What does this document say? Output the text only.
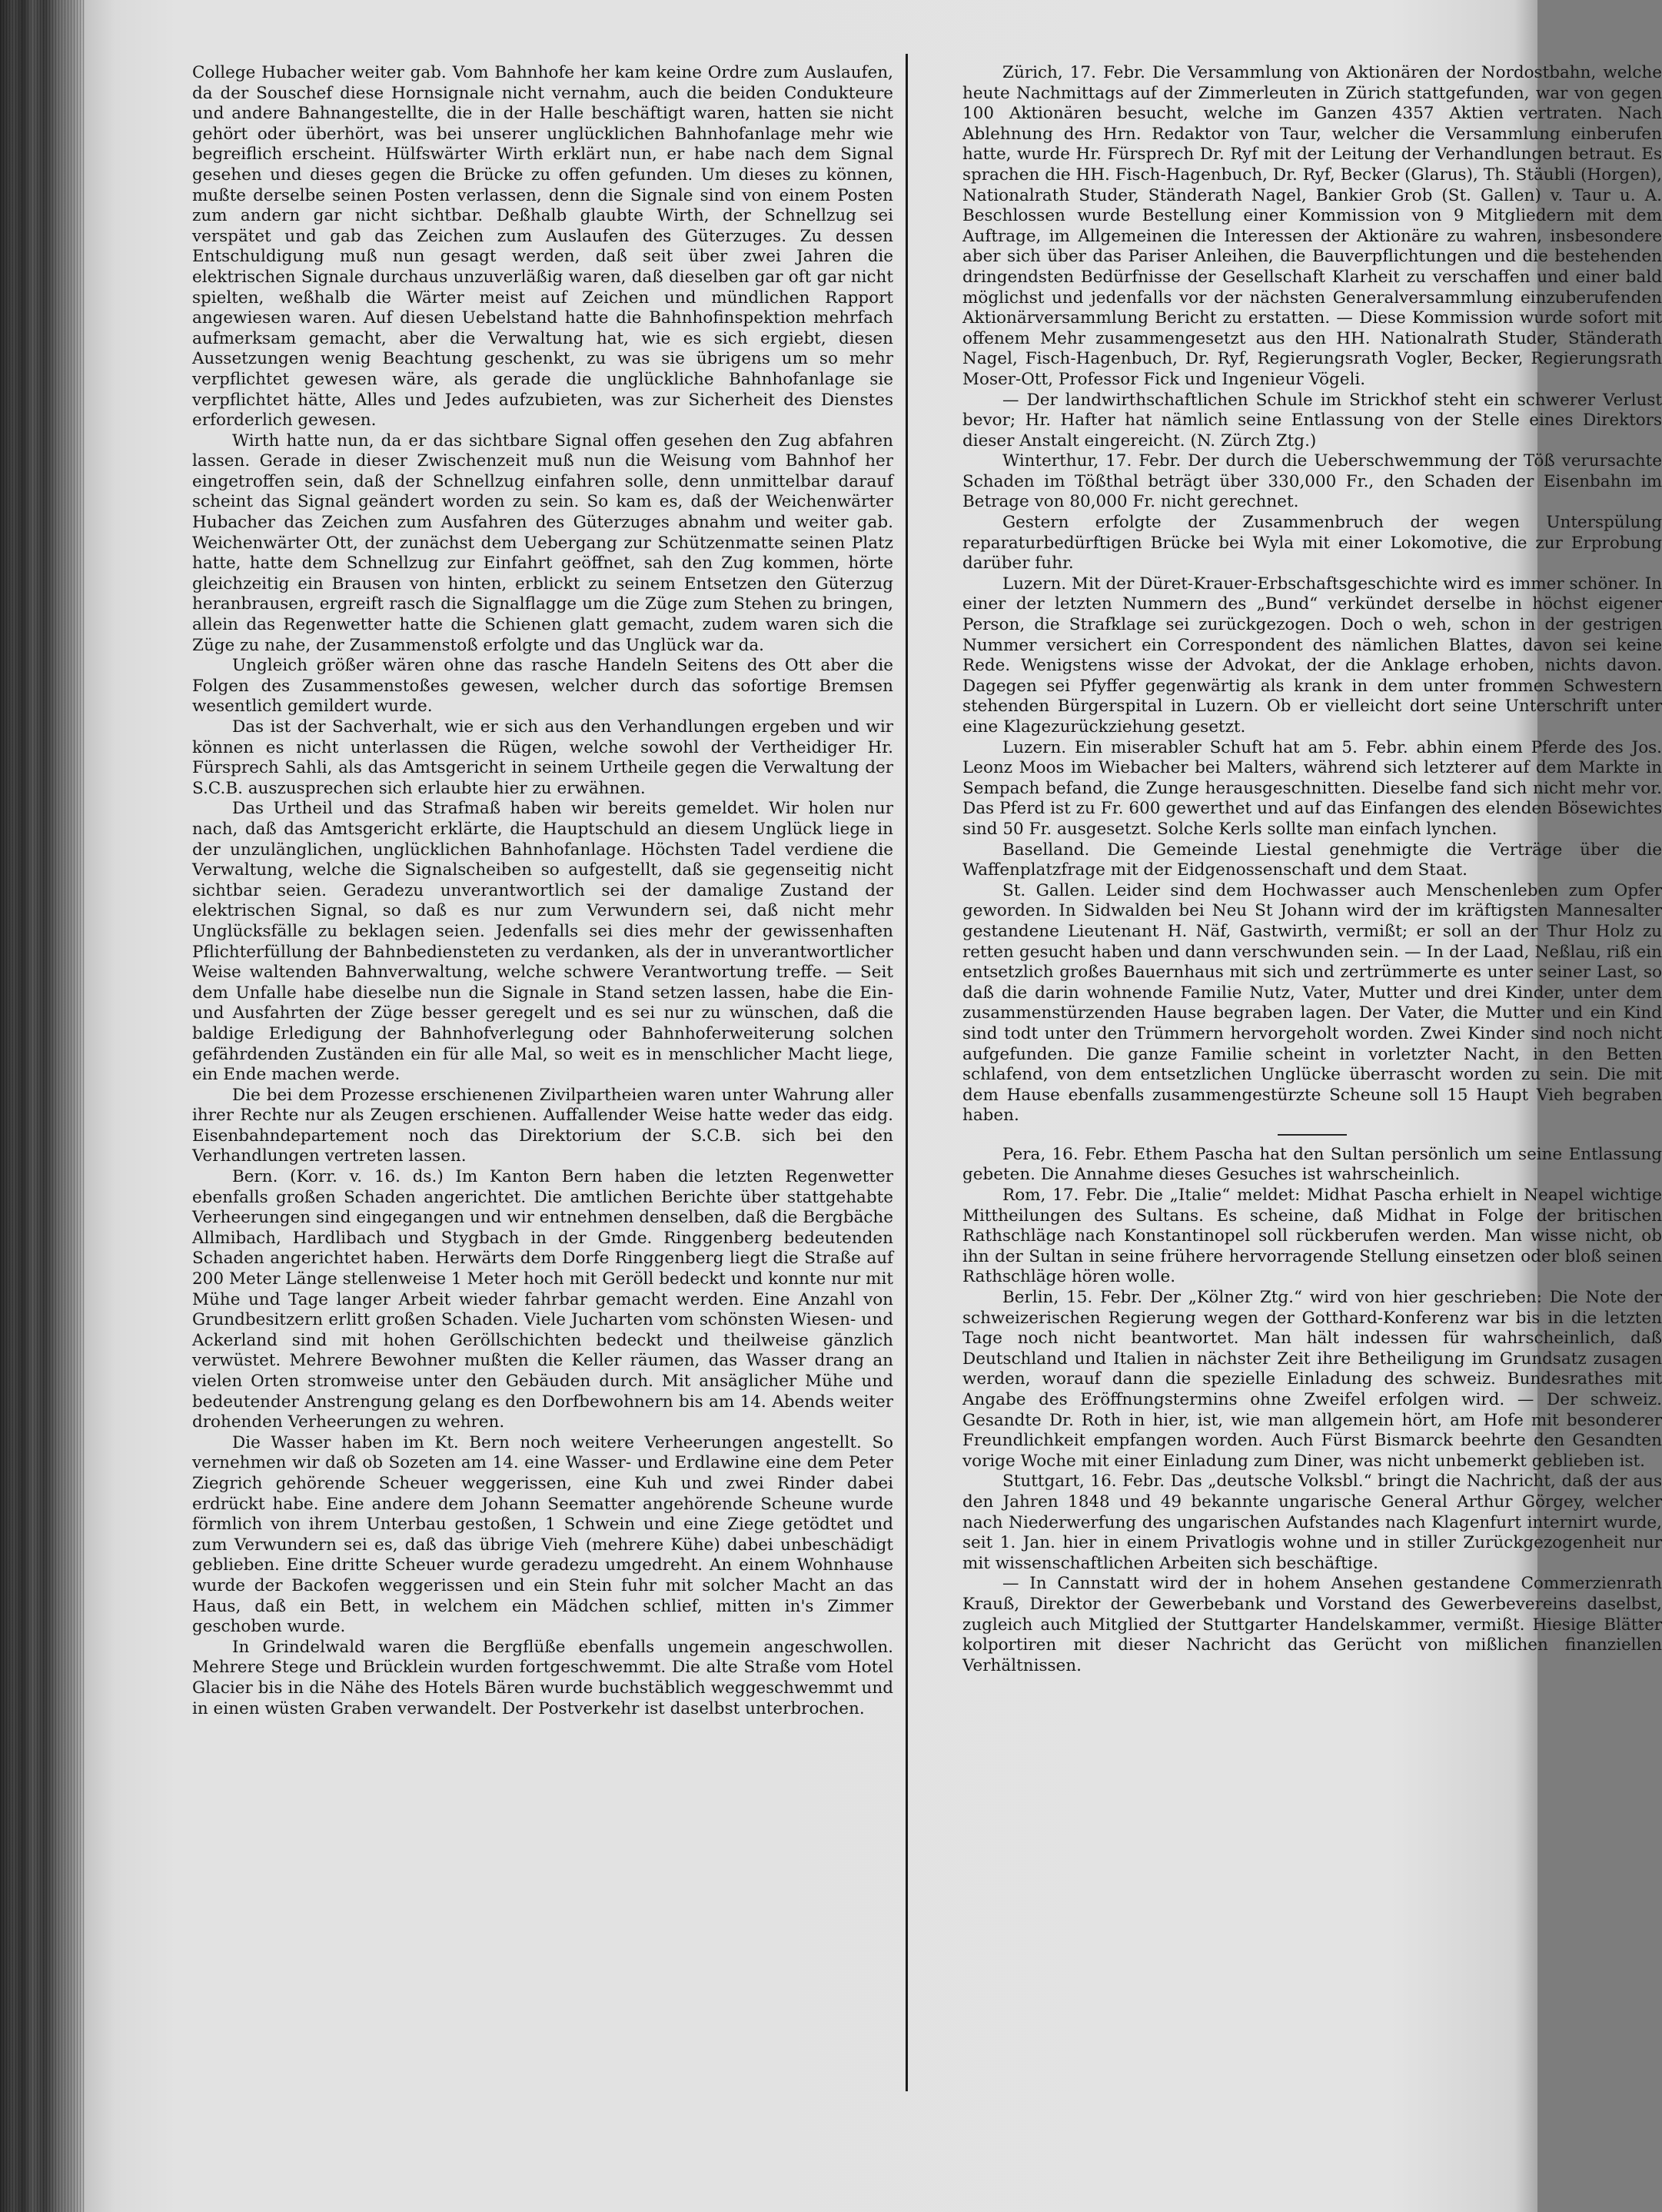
College Hubacher weiter gab. Vom Bahnhofe her kam keine Ordre zum Auslaufen, da der Souschef diese Hornsignale nicht vernahm, auch die beiden Condukteure und andere Bahnangestellte, die in der Halle beschäftigt waren, hatten sie nicht gehört oder überhört, was bei unserer unglücklichen Bahnhofanlage mehr wie begreiflich erscheint. Hülfswärter Wirth erklärt nun, er habe nach dem Signal gesehen und dieses gegen die Brücke zu offen gefunden. Um dieses zu können, mußte derselbe seinen Posten verlassen, denn die Signale sind von einem Posten zum andern gar nicht sichtbar. Deßhalb glaubte Wirth, der Schnellzug sei verspätet und gab das Zeichen zum Auslaufen des Güterzuges. Zu dessen Entschuldigung muß nun gesagt werden, daß seit über zwei Jahren die elektrischen Signale durchaus unzuverläßig waren, daß dieselben gar oft gar nicht spielten, weßhalb die Wärter meist auf Zeichen und mündlichen Rapport angewiesen waren. Auf diesen Uebelstand hatte die Bahnhofinspektion mehrfach aufmerksam gemacht, aber die Verwaltung hat, wie es sich ergiebt, diesen Aussetzungen wenig Beachtung geschenkt, zu was sie übrigens um so mehr verpflichtet gewesen wäre, als gerade die unglückliche Bahnhofanlage sie verpflichtet hätte, Alles und Jedes aufzubieten, was zur Sicherheit des Dienstes erforderlich gewesen.

Wirth hatte nun, da er das sichtbare Signal offen gesehen den Zug abfahren lassen. Gerade in dieser Zwischenzeit muß nun die Weisung vom Bahnhof her eingetroffen sein, daß der Schnellzug einfahren solle, denn unmittelbar darauf scheint das Signal geändert worden zu sein. So kam es, daß der Weichenwärter Hubacher das Zeichen zum Ausfahren des Güterzuges abnahm und weiter gab. Weichenwärter Ott, der zunächst dem Uebergang zur Schützenmatte seinen Platz hatte, hatte dem Schnellzug zur Einfahrt geöffnet, sah den Zug kommen, hörte gleichzeitig ein Brausen von hinten, erblickt zu seinem Entsetzen den Güterzug heranbrausen, ergreift rasch die Signalflagge um die Züge zum Stehen zu bringen, allein das Regenwetter hatte die Schienen glatt gemacht, zudem waren sich die Züge zu nahe, der Zusammenstoß erfolgte und das Unglück war da.

Ungleich größer wären ohne das rasche Handeln Seitens des Ott aber die Folgen des Zusammenstoßes gewesen, welcher durch das sofortige Bremsen wesentlich gemildert wurde.

Das ist der Sachverhalt, wie er sich aus den Verhandlungen ergeben und wir können es nicht unterlassen die Rügen, welche sowohl der Vertheidiger Hr. Fürsprech Sahli, als das Amtsgericht in seinem Urtheile gegen die Verwaltung der S.C.B. auszusprechen sich erlaubte hier zu erwähnen.

Das Urtheil und das Strafmaß haben wir bereits gemeldet. Wir holen nur nach, daß das Amtsgericht erklärte, die Hauptschuld an diesem Unglück liege in der unzulänglichen, unglücklichen Bahnhofanlage. Höchsten Tadel verdiene die Verwaltung, welche die Signalscheiben so aufgestellt, daß sie gegenseitig nicht sichtbar seien. Geradezu unverantwortlich sei der damalige Zustand der elektrischen Signal, so daß es nur zum Verwundern sei, daß nicht mehr Unglücksfälle zu beklagen seien. Jedenfalls sei dies mehr der gewissenhaften Pflichterfüllung der Bahnbediensteten zu verdanken, als der in unverantwortlicher Weise waltenden Bahnverwaltung, welche schwere Verantwortung treffe. — Seit dem Unfalle habe dieselbe nun die Signale in Stand setzen lassen, habe die Ein- und Ausfahrten der Züge besser geregelt und es sei nur zu wünschen, daß die baldige Erledigung der Bahnhofverlegung oder Bahnhoferweiterung solchen gefährdenden Zuständen ein für alle Mal, so weit es in menschlicher Macht liege, ein Ende machen werde.

Die bei dem Prozesse erschienenen Zivilpartheien waren unter Wahrung aller ihrer Rechte nur als Zeugen erschienen. Auffallender Weise hatte weder das eidg. Eisenbahndepartement noch das Direktorium der S.C.B. sich bei den Verhandlungen vertreten lassen.

Bern. (Korr. v. 16. ds.) Im Kanton Bern haben die letzten Regenwetter ebenfalls großen Schaden angerichtet. Die amtlichen Berichte über stattgehabte Verheerungen sind eingegangen und wir entnehmen denselben, daß die Bergbäche Allmibach, Hardlibach und Stygbach in der Gmde. Ringgenberg bedeutenden Schaden angerichtet haben. Herwärts dem Dorfe Ringgenberg liegt die Straße auf 200 Meter Länge stellenweise 1 Meter hoch mit Geröll bedeckt und konnte nur mit Mühe und Tage langer Arbeit wieder fahrbar gemacht werden. Eine Anzahl von Grundbesitzern erlitt großen Schaden. Viele Jucharten vom schönsten Wiesen- und Ackerland sind mit hohen Geröllschichten bedeckt und theilweise gänzlich verwüstet. Mehrere Bewohner mußten die Keller räumen, das Wasser drang an vielen Orten stromweise unter den Gebäuden durch. Mit ansäglicher Mühe und bedeutender Anstrengung gelang es den Dorfbewohnern bis am 14. Abends weiter drohenden Verheerungen zu wehren.

Die Wasser haben im Kt. Bern noch weitere Verheerungen angestellt. So vernehmen wir daß ob Sozeten am 14. eine Wasser- und Erdlawine eine dem Peter Ziegrich gehörende Scheuer weggerissen, eine Kuh und zwei Rinder dabei erdrückt habe. Eine andere dem Johann Seematter angehörende Scheune wurde förmlich von ihrem Unterbau gestoßen, 1 Schwein und eine Ziege getödtet und zum Verwundern sei es, daß das übrige Vieh (mehrere Kühe) dabei unbeschädigt geblieben. Eine dritte Scheuer wurde geradezu umgedreht. An einem Wohnhause wurde der Backofen weggerissen und ein Stein fuhr mit solcher Macht an das Haus, daß ein Bett, in welchem ein Mädchen schlief, mitten in's Zimmer geschoben wurde.

In Grindelwald waren die Bergflüße ebenfalls ungemein angeschwollen. Mehrere Stege und Brücklein wurden fortgeschwemmt. Die alte Straße vom Hotel Glacier bis in die Nähe des Hotels Bären wurde buchstäblich weggeschwemmt und in einen wüsten Graben verwandelt. Der Postverkehr ist daselbst unterbrochen.

Zürich, 17. Febr. Die Versammlung von Aktionären der Nordostbahn, welche heute Nachmittags auf der Zimmerleuten in Zürich stattgefunden, war von gegen 100 Aktionären besucht, welche im Ganzen 4357 Aktien vertraten. Nach Ablehnung des Hrn. Redaktor von Taur, welcher die Versammlung einberufen hatte, wurde Hr. Fürsprech Dr. Ryf mit der Leitung der Verhandlungen betraut. Es sprachen die HH. Fisch-Hagenbuch, Dr. Ryf, Becker (Glarus), Th. Stäubli (Horgen), Nationalrath Studer, Ständerath Nagel, Bankier Grob (St. Gallen) v. Taur u. A. Beschlossen wurde Bestellung einer Kommission von 9 Mitgliedern mit dem Auftrage, im Allgemeinen die Interessen der Aktionäre zu wahren, insbesondere aber sich über das Pariser Anleihen, die Bauverpflichtungen und die bestehenden dringendsten Bedürfnisse der Gesellschaft Klarheit zu verschaffen und einer bald möglichst und jedenfalls vor der nächsten Generalversammlung einzuberufenden Aktionärversammlung Bericht zu erstatten. — Diese Kommission wurde sofort mit offenem Mehr zusammengesetzt aus den HH. Nationalrath Studer, Ständerath Nagel, Fisch-Hagenbuch, Dr. Ryf, Regierungsrath Vogler, Becker, Regierungsrath Moser-Ott, Professor Fick und Ingenieur Vögeli.

— Der landwirthschaftlichen Schule im Strickhof steht ein schwerer Verlust bevor; Hr. Hafter hat nämlich seine Entlassung von der Stelle eines Direktors dieser Anstalt eingereicht. (N. Zürch Ztg.)

Winterthur, 17. Febr. Der durch die Ueberschwemmung der Töß verursachte Schaden im Tößthal beträgt über 330,000 Fr., den Schaden der Eisenbahn im Betrage von 80,000 Fr. nicht gerechnet.

Gestern erfolgte der Zusammenbruch der wegen Unterspülung reparaturbedürftigen Brücke bei Wyla mit einer Lokomotive, die zur Erprobung darüber fuhr.

Luzern. Mit der Düret-Krauer-Erbschaftsgeschichte wird es immer schöner. In einer der letzten Nummern des „Bund“ verkündet derselbe in höchst eigener Person, die Strafklage sei zurückgezogen. Doch o weh, schon in der gestrigen Nummer versichert ein Correspondent des nämlichen Blattes, davon sei keine Rede. Wenigstens wisse der Advokat, der die Anklage erhoben, nichts davon. Dagegen sei Pfyffer gegenwärtig als krank in dem unter frommen Schwestern stehenden Bürgerspital in Luzern. Ob er vielleicht dort seine Unterschrift unter eine Klagezurückziehung gesetzt.

Luzern. Ein miserabler Schuft hat am 5. Febr. abhin einem Pferde des Jos. Leonz Moos im Wiebacher bei Malters, während sich letzterer auf dem Markte in Sempach befand, die Zunge herausgeschnitten. Dieselbe fand sich nicht mehr vor. Das Pferd ist zu Fr. 600 gewerthet und auf das Einfangen des elenden Bösewichtes sind 50 Fr. ausgesetzt. Solche Kerls sollte man einfach lynchen.

Baselland. Die Gemeinde Liestal genehmigte die Verträge über die Waffenplatzfrage mit der Eidgenossenschaft und dem Staat.

St. Gallen. Leider sind dem Hochwasser auch Menschenleben zum Opfer geworden. In Sidwalden bei Neu St Johann wird der im kräftigsten Mannesalter gestandene Lieutenant H. Näf, Gastwirth, vermißt; er soll an der Thur Holz zu retten gesucht haben und dann verschwunden sein. — In der Laad, Neßlau, riß ein entsetzlich großes Bauernhaus mit sich und zertrümmerte es unter seiner Last, so daß die darin wohnende Familie Nutz, Vater, Mutter und drei Kinder, unter dem zusammenstürzenden Hause begraben lagen. Der Vater, die Mutter und ein Kind sind todt unter den Trümmern hervorgeholt worden. Zwei Kinder sind noch nicht aufgefunden. Die ganze Familie scheint in vorletzter Nacht, in den Betten schlafend, von dem entsetzlichen Unglücke überrascht worden zu sein. Die mit dem Hause ebenfalls zusammengestürzte Scheune soll 15 Haupt Vieh begraben haben.

Pera, 16. Febr. Ethem Pascha hat den Sultan persönlich um seine Entlassung gebeten. Die Annahme dieses Gesuches ist wahrscheinlich.

Rom, 17. Febr. Die „Italie“ meldet: Midhat Pascha erhielt in Neapel wichtige Mittheilungen des Sultans. Es scheine, daß Midhat in Folge der britischen Rathschläge nach Konstantinopel soll rückberufen werden. Man wisse nicht, ob ihn der Sultan in seine frühere hervorragende Stellung einsetzen oder bloß seinen Rathschläge hören wolle.

Berlin, 15. Febr. Der „Kölner Ztg.“ wird von hier geschrieben: Die Note der schweizerischen Regierung wegen der Gotthard-Konferenz war bis in die letzten Tage noch nicht beantwortet. Man hält indessen für wahrscheinlich, daß Deutschland und Italien in nächster Zeit ihre Betheiligung im Grundsatz zusagen werden, worauf dann die spezielle Einladung des schweiz. Bundesrathes mit Angabe des Eröffnungstermins ohne Zweifel erfolgen wird. — Der schweiz. Gesandte Dr. Roth in hier, ist, wie man allgemein hört, am Hofe mit besonderer Freundlichkeit empfangen worden. Auch Fürst Bismarck beehrte den Gesandten vorige Woche mit einer Einladung zum Diner, was nicht unbemerkt geblieben ist.

Stuttgart, 16. Febr. Das „deutsche Volksbl.“ bringt die Nachricht, daß der aus den Jahren 1848 und 49 bekannte ungarische General Arthur Görgey, welcher nach Niederwerfung des ungarischen Aufstandes nach Klagenfurt internirt wurde, seit 1. Jan. hier in einem Privatlogis wohne und in stiller Zurückgezogenheit nur mit wissenschaftlichen Arbeiten sich beschäftige.

— In Cannstatt wird der in hohem Ansehen gestandene Commerzienrath Krauß, Direktor der Gewerbebank und Vorstand des Gewerbevereins daselbst, zugleich auch Mitglied der Stuttgarter Handelskammer, vermißt. Hiesige Blätter kolportiren mit dieser Nachricht das Gerücht von mißlichen finanziellen Verhältnissen.
